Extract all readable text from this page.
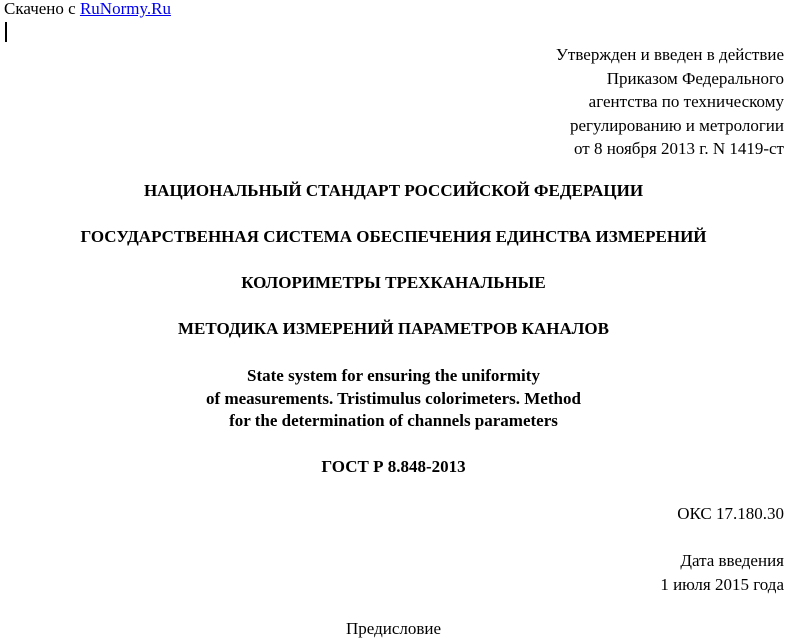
Скачено с RuNormy.Ru
Утвержден и введен в действие
Приказом Федерального
агентства по техническому
регулированию и метрологии
от 8 ноября 2013 г. N 1419-ст
НАЦИОНАЛЬНЫЙ СТАНДАРТ РОССИЙСКОЙ ФЕДЕРАЦИИ
ГОСУДАРСТВЕННАЯ СИСТЕМА ОБЕСПЕЧЕНИЯ ЕДИНСТВА ИЗМЕРЕНИЙ
КОЛОРИМЕТРЫ ТРЕХКАНАЛЬНЫЕ
МЕТОДИКА ИЗМЕРЕНИЙ ПАРАМЕТРОВ КАНАЛОВ
State system for ensuring the uniformity
of measurements. Tristimulus colorimeters. Method
for the determination of channels parameters
ГОСТ Р 8.848-2013
ОКС 17.180.30
Дата введения
1 июля 2015 года
Предисловие
